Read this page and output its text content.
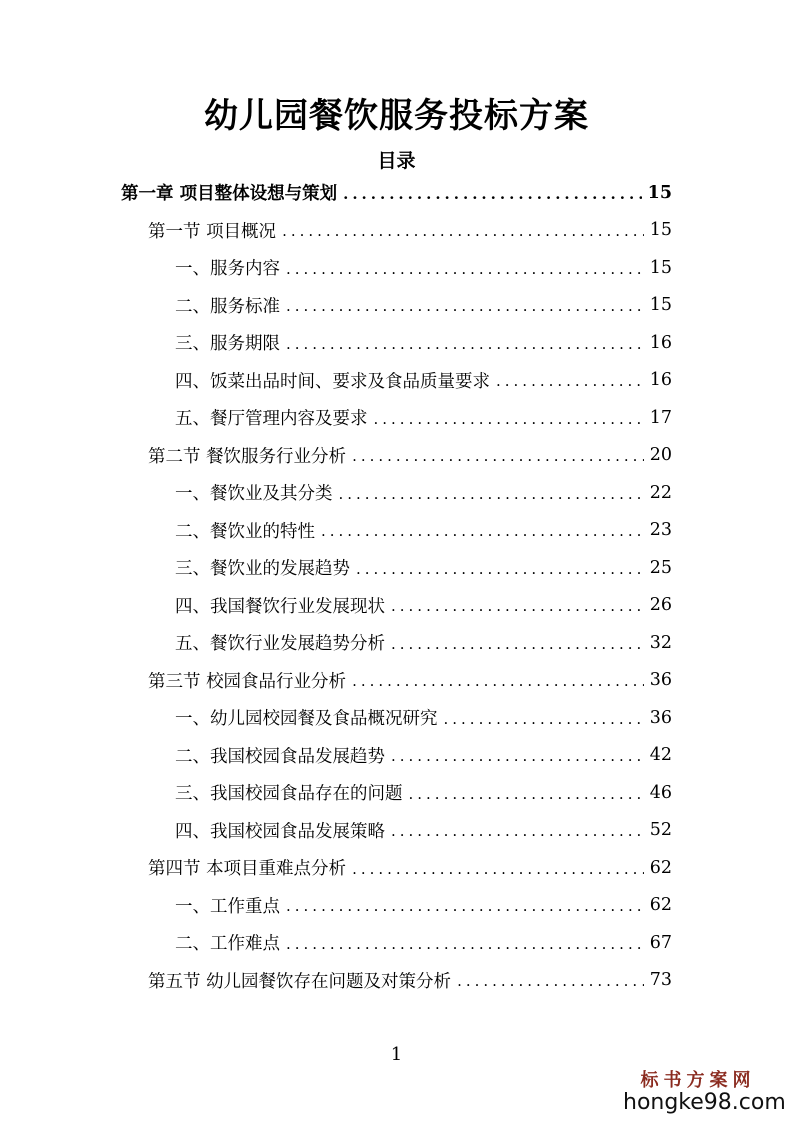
幼儿园餐饮服务投标方案
目录
第一章 项目整体设想与策划 .....	15
第一节 项目概况 .....	15
一、服务内容 .....	15
二、服务标准 .....	15
三、服务期限 .....	16
四、饭菜出品时间、要求及食品质量要求 .....	16
五、餐厅管理内容及要求 .....	17
第二节 餐饮服务行业分析 .....	20
一、餐饮业及其分类 .....	22
二、餐饮业的特性 .....	23
三、餐饮业的发展趋势 .....	25
四、我国餐饮行业发展现状 .....	26
五、餐饮行业发展趋势分析 .....	32
第三节 校园食品行业分析 .....	36
一、幼儿园校园餐及食品概况研究 .....	36
二、我国校园食品发展趋势 .....	42
三、我国校园食品存在的问题 .....	46
四、我国校园食品发展策略 .....	52
第四节 本项目重难点分析 .....	62
一、工作重点 .....	62
二、工作难点 .....	67
第五节 幼儿园餐饮存在问题及对策分析 .....	73
1
标书方案网
hongke98.com
